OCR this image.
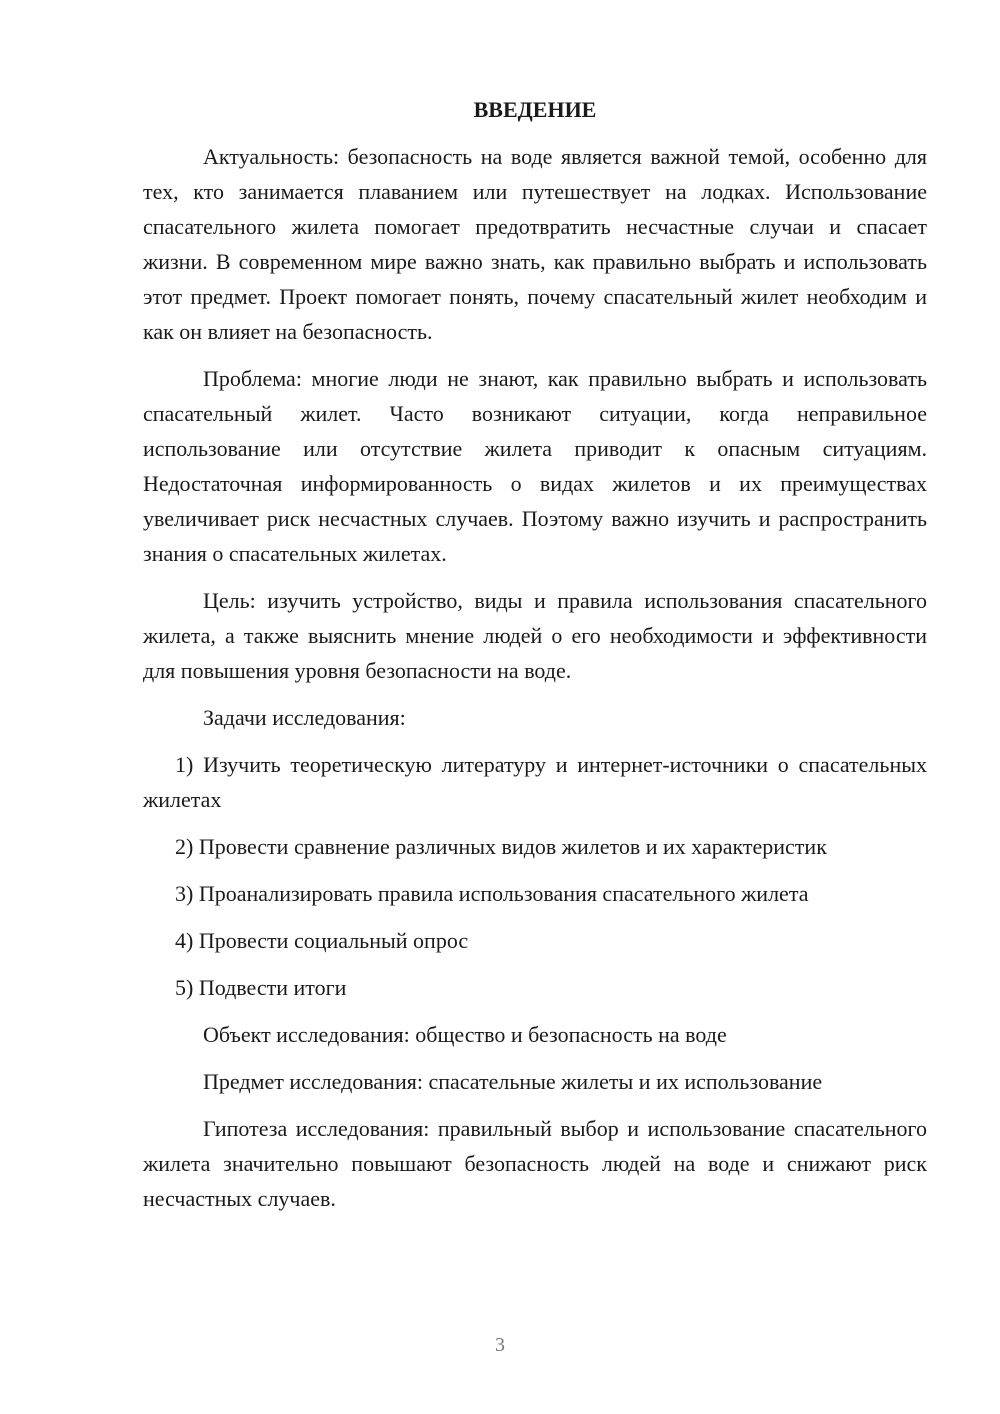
ВВЕДЕНИЕ

Актуальность: безопасность на воде является важной темой, особенно для тех, кто занимается плаванием или путешествует на лодках. Использование спасательного жилета помогает предотвратить несчастные случаи и спасает жизни. В современном мире важно знать, как правильно выбрать и использовать этот предмет. Проект помогает понять, почему спасательный жилет необходим и как он влияет на безопасность.

Проблема: многие люди не знают, как правильно выбрать и использовать спасательный жилет. Часто возникают ситуации, когда неправильное использование или отсутствие жилета приводит к опасным ситуациям. Недостаточная информированность о видах жилетов и их преимуществах увеличивает риск несчастных случаев. Поэтому важно изучить и распространить знания о спасательных жилетах.

Цель: изучить устройство, виды и правила использования спасательного жилета, а также выяснить мнение людей о его необходимости и эффективности для повышения уровня безопасности на воде.

Задачи исследования:

1) Изучить теоретическую литературу и интернет-источники о спасательных жилетах

2) Провести сравнение различных видов жилетов и их характеристик

3) Проанализировать правила использования спасательного жилета

4) Провести социальный опрос

5) Подвести итоги

Объект исследования: общество и безопасность на воде

Предмет исследования: спасательные жилеты и их использование

Гипотеза исследования: правильный выбор и использование спасательного жилета значительно повышают безопасность людей на воде и снижают риск несчастных случаев.

3
